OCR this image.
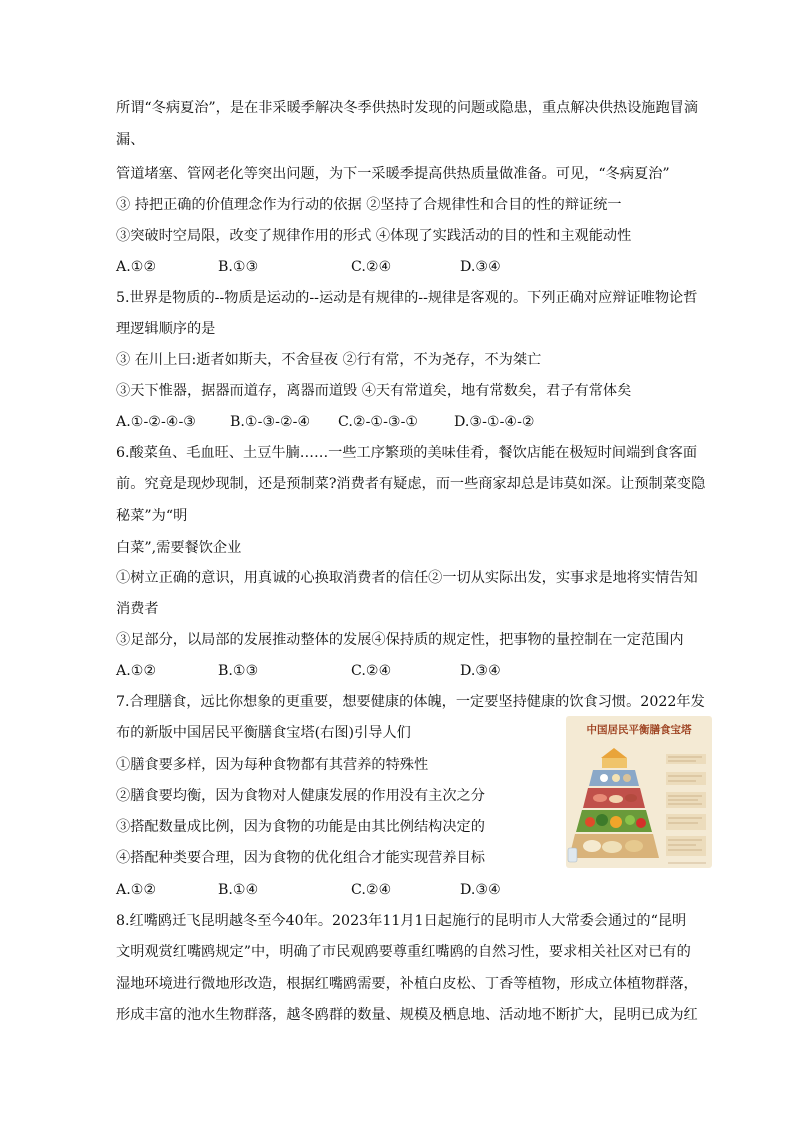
所谓“冬病夏治”，是在非采暖季解决冬季供热时发现的问题或隐患，重点解决供热设施跑冒滴
漏、
管道堵塞、管网老化等突出问题，为下一采暖季提高供热质量做准备。可见，“冬病夏治”
③ 持把正确的价值理念作为行动的依据 ②坚持了合规律性和合目的性的辩证统一
③突破时空局限，改变了规律作用的形式 ④体现了实践活动的目的性和主观能动性
A.①②	B.①③	C.②④	D.③④
5.世界是物质的--物质是运动的--运动是有规律的--规律是客观的。下列正确对应辩证唯物论哲
理逻辑顺序的是
③ 在川上曰:逝者如斯夫，不舍昼夜 ②行有常，不为尧存，不为桀亡
③天下惟器，据器而道存，离器而道毁 ④天有常道矣，地有常数矣，君子有常体矣
A.①-②-④-③ B.①-③-②-④ C.②-①-③-①	D.③-①-④-②
6.酸菜鱼、毛血旺、土豆牛腩……一些工序繁琐的美味佳肴，餐饮店能在极短时间端到食客面
前。究竟是现炒现制，还是预制菜?消费者有疑虑，而一些商家却总是讳莫如深。让预制菜变隐
秘菜”为“明
白菜”,需要餐饮企业
①树立正确的意识，用真诚的心换取消费者的信任②一切从实际出发，实事求是地将实情告知
消费者
③足部分，以局部的发展推动整体的发展④保持质的规定性，把事物的量控制在一定范围内
A.①②	B.①③	C.②④	D.③④
7.合理膳食，远比你想象的更重要，想要健康的体魄，一定要坚持健康的饮食习惯。2022年发
布的新版中国居民平衡膳食宝塔(右图)引导人们
①膳食要多样，因为每种食物都有其营养的特殊性
②膳食要均衡，因为食物对人健康发展的作用没有主次之分
③搭配数量成比例，因为食物的功能是由其比例结构决定的
④搭配种类要合理，因为食物的优化组合才能实现营养目标
A.①②	B.①④	C.②④	D.③④
8.红嘴鸥迁飞昆明越冬至今40年。2023年11月1日起施行的昆明市人大常委会通过的“昆明
文明观赏红嘴鸥规定”中，明确了市民观鸥要尊重红嘴鸥的自然习性，要求相关社区对已有的
湿地环境进行微地形改造，根据红嘴鸥需要，补植白皮松、丁香等植物，形成立体植物群落，
形成丰富的池水生物群落，越冬鸥群的数量、规模及栖息地、活动地不断扩大，昆明已成为红
中国居民平衡膳食宝塔
